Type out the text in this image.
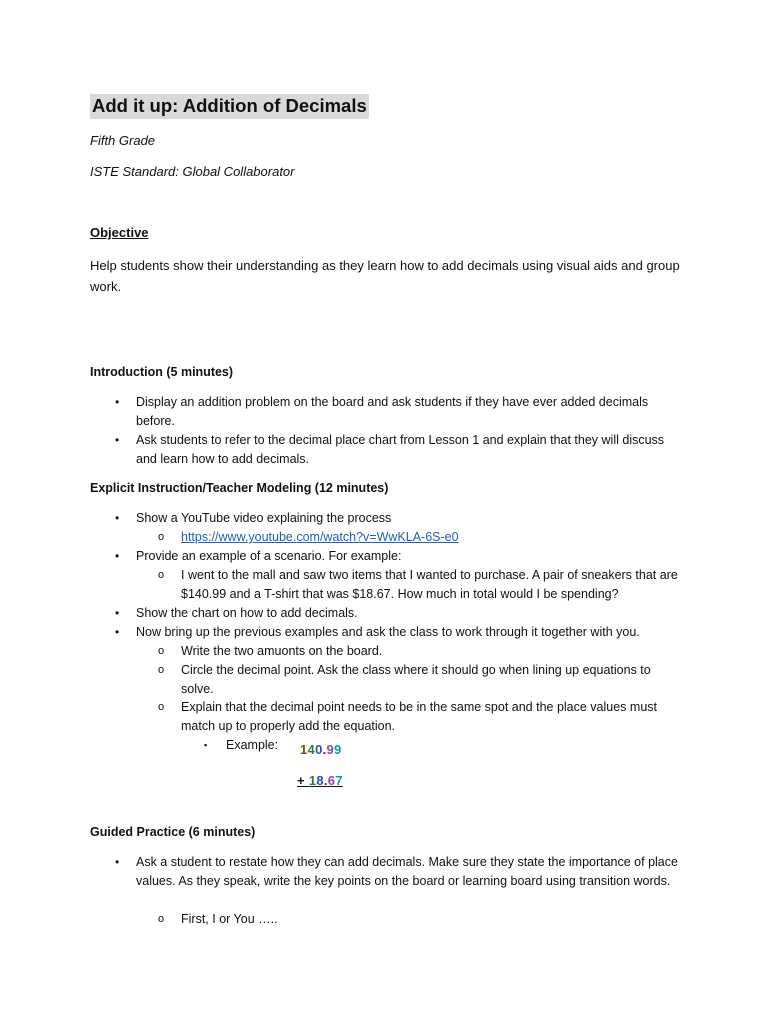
Add it up: Addition of Decimals
Fifth Grade
ISTE Standard: Global Collaborator
Objective
Help students show their understanding as they learn how to add decimals using visual aids and group work.
Introduction (5 minutes)
• Display an addition problem on the board and ask students if they have ever added decimals before.
• Ask students to refer to the decimal place chart from Lesson 1 and explain that they will discuss and learn how to add decimals.
Explicit Instruction/Teacher Modeling (12 minutes)
• Show a YouTube video explaining the process
o https://www.youtube.com/watch?v=WwKLA-6S-e0
• Provide an example of a scenario. For example:
o I went to the mall and saw two items that I wanted to purchase. A pair of sneakers that are $140.99 and a T-shirt that was $18.67. How much in total would I be spending?
• Show the chart on how to add decimals.
• Now bring up the previous examples and ask the class to work through it together with you.
o Write the two amuonts on the board.
o Circle the decimal point. Ask the class where it should go when lining up equations to solve.
o Explain that the decimal point needs to be in the same spot and the place values must match up to properly add the equation.
▪ Example: 140.99
+ 18.67
Guided Practice (6 minutes)
• Ask a student to restate how they can add decimals. Make sure they state the importance of place values. As they speak, write the key points on the board or learning board using transition words.
o First, I or You …..
